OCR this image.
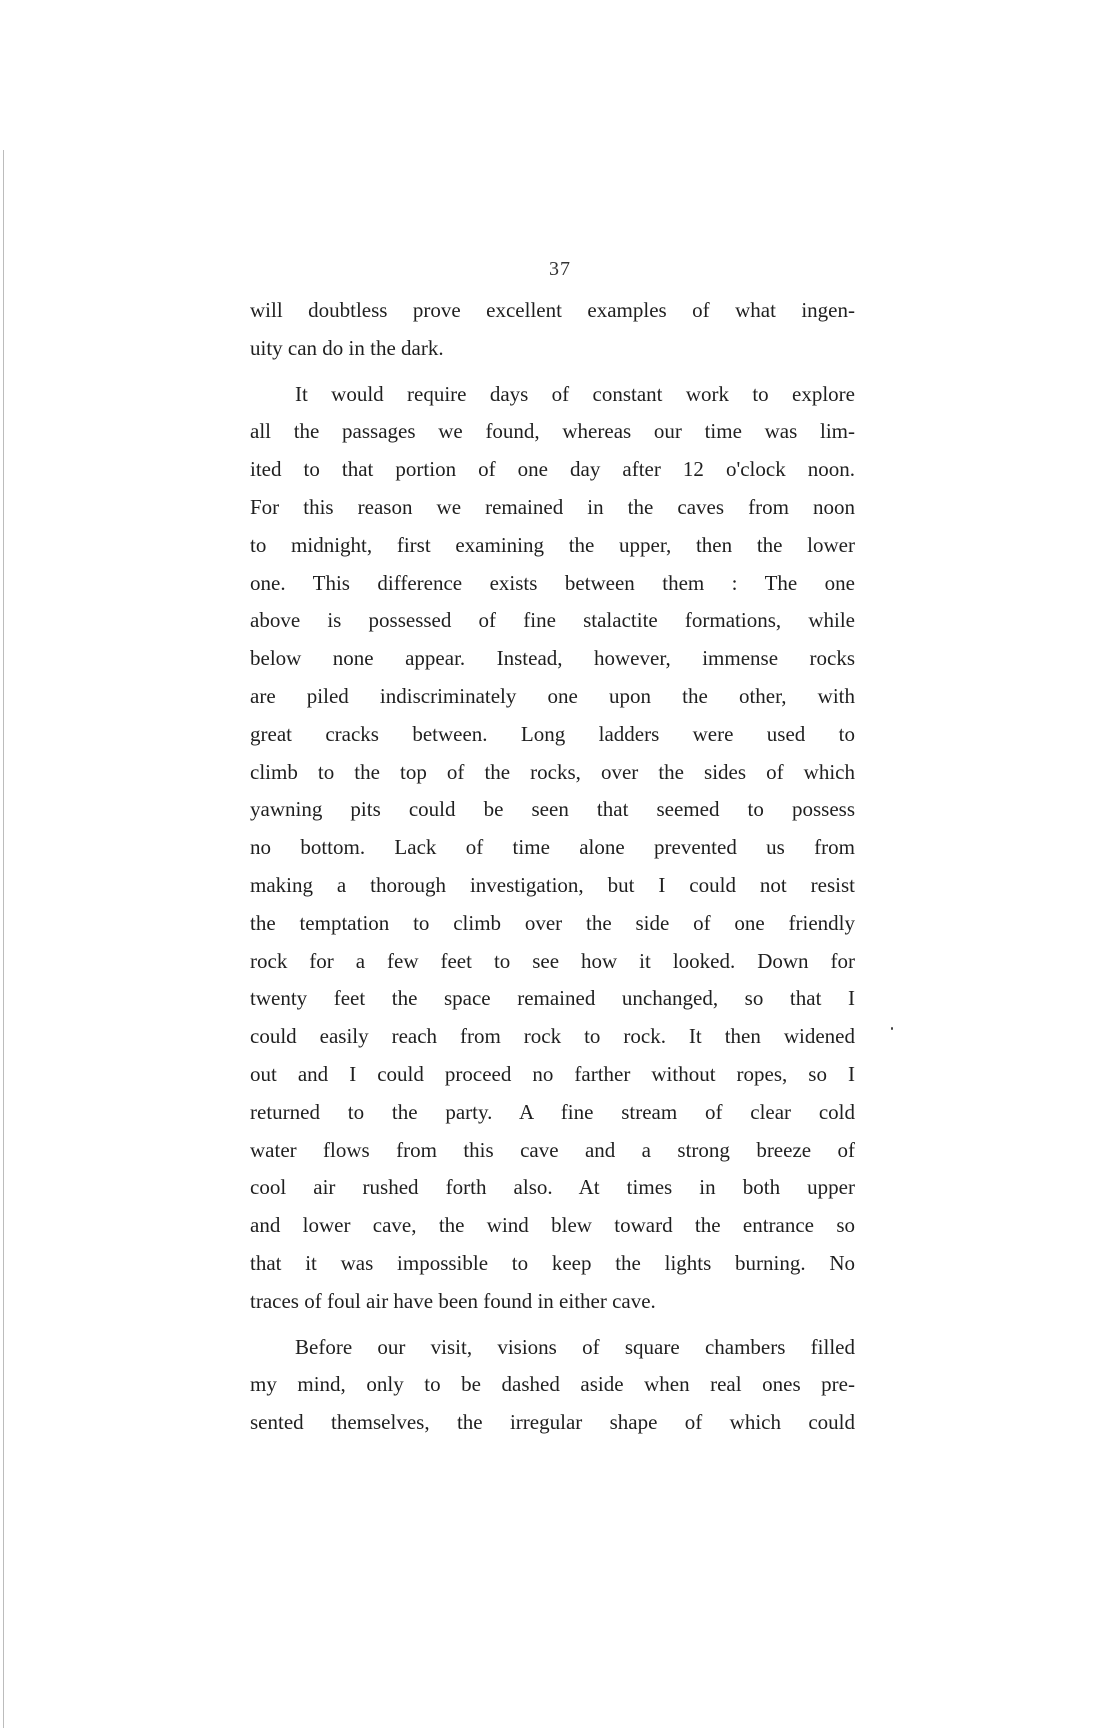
37
will doubtless prove excellent examples of what ingen-
uity can do in the dark.
It would require days of constant work to explore
all the passages we found, whereas our time was lim-
ited to that portion of one day after 12 o'clock noon.
For this reason we remained in the caves from noon
to midnight, first examining the upper, then the lower
one. This difference exists between them : The one
above is possessed of fine stalactite formations, while
below none appear. Instead, however, immense rocks
are piled indiscriminately one upon the other, with
great cracks between. Long ladders were used to
climb to the top of the rocks, over the sides of which
yawning pits could be seen that seemed to possess
no bottom. Lack of time alone prevented us from
making a thorough investigation, but I could not resist
the temptation to climb over the side of one friendly
rock for a few feet to see how it looked. Down for
twenty feet the space remained unchanged, so that I
could easily reach from rock to rock. It then widened
out and I could proceed no farther without ropes, so I
returned to the party. A fine stream of clear cold
water flows from this cave and a strong breeze of
cool air rushed forth also. At times in both upper
and lower cave, the wind blew toward the entrance so
that it was impossible to keep the lights burning. No
traces of foul air have been found in either cave.
Before our visit, visions of square chambers filled
my mind, only to be dashed aside when real ones pre-
sented themselves, the irregular shape of which could
